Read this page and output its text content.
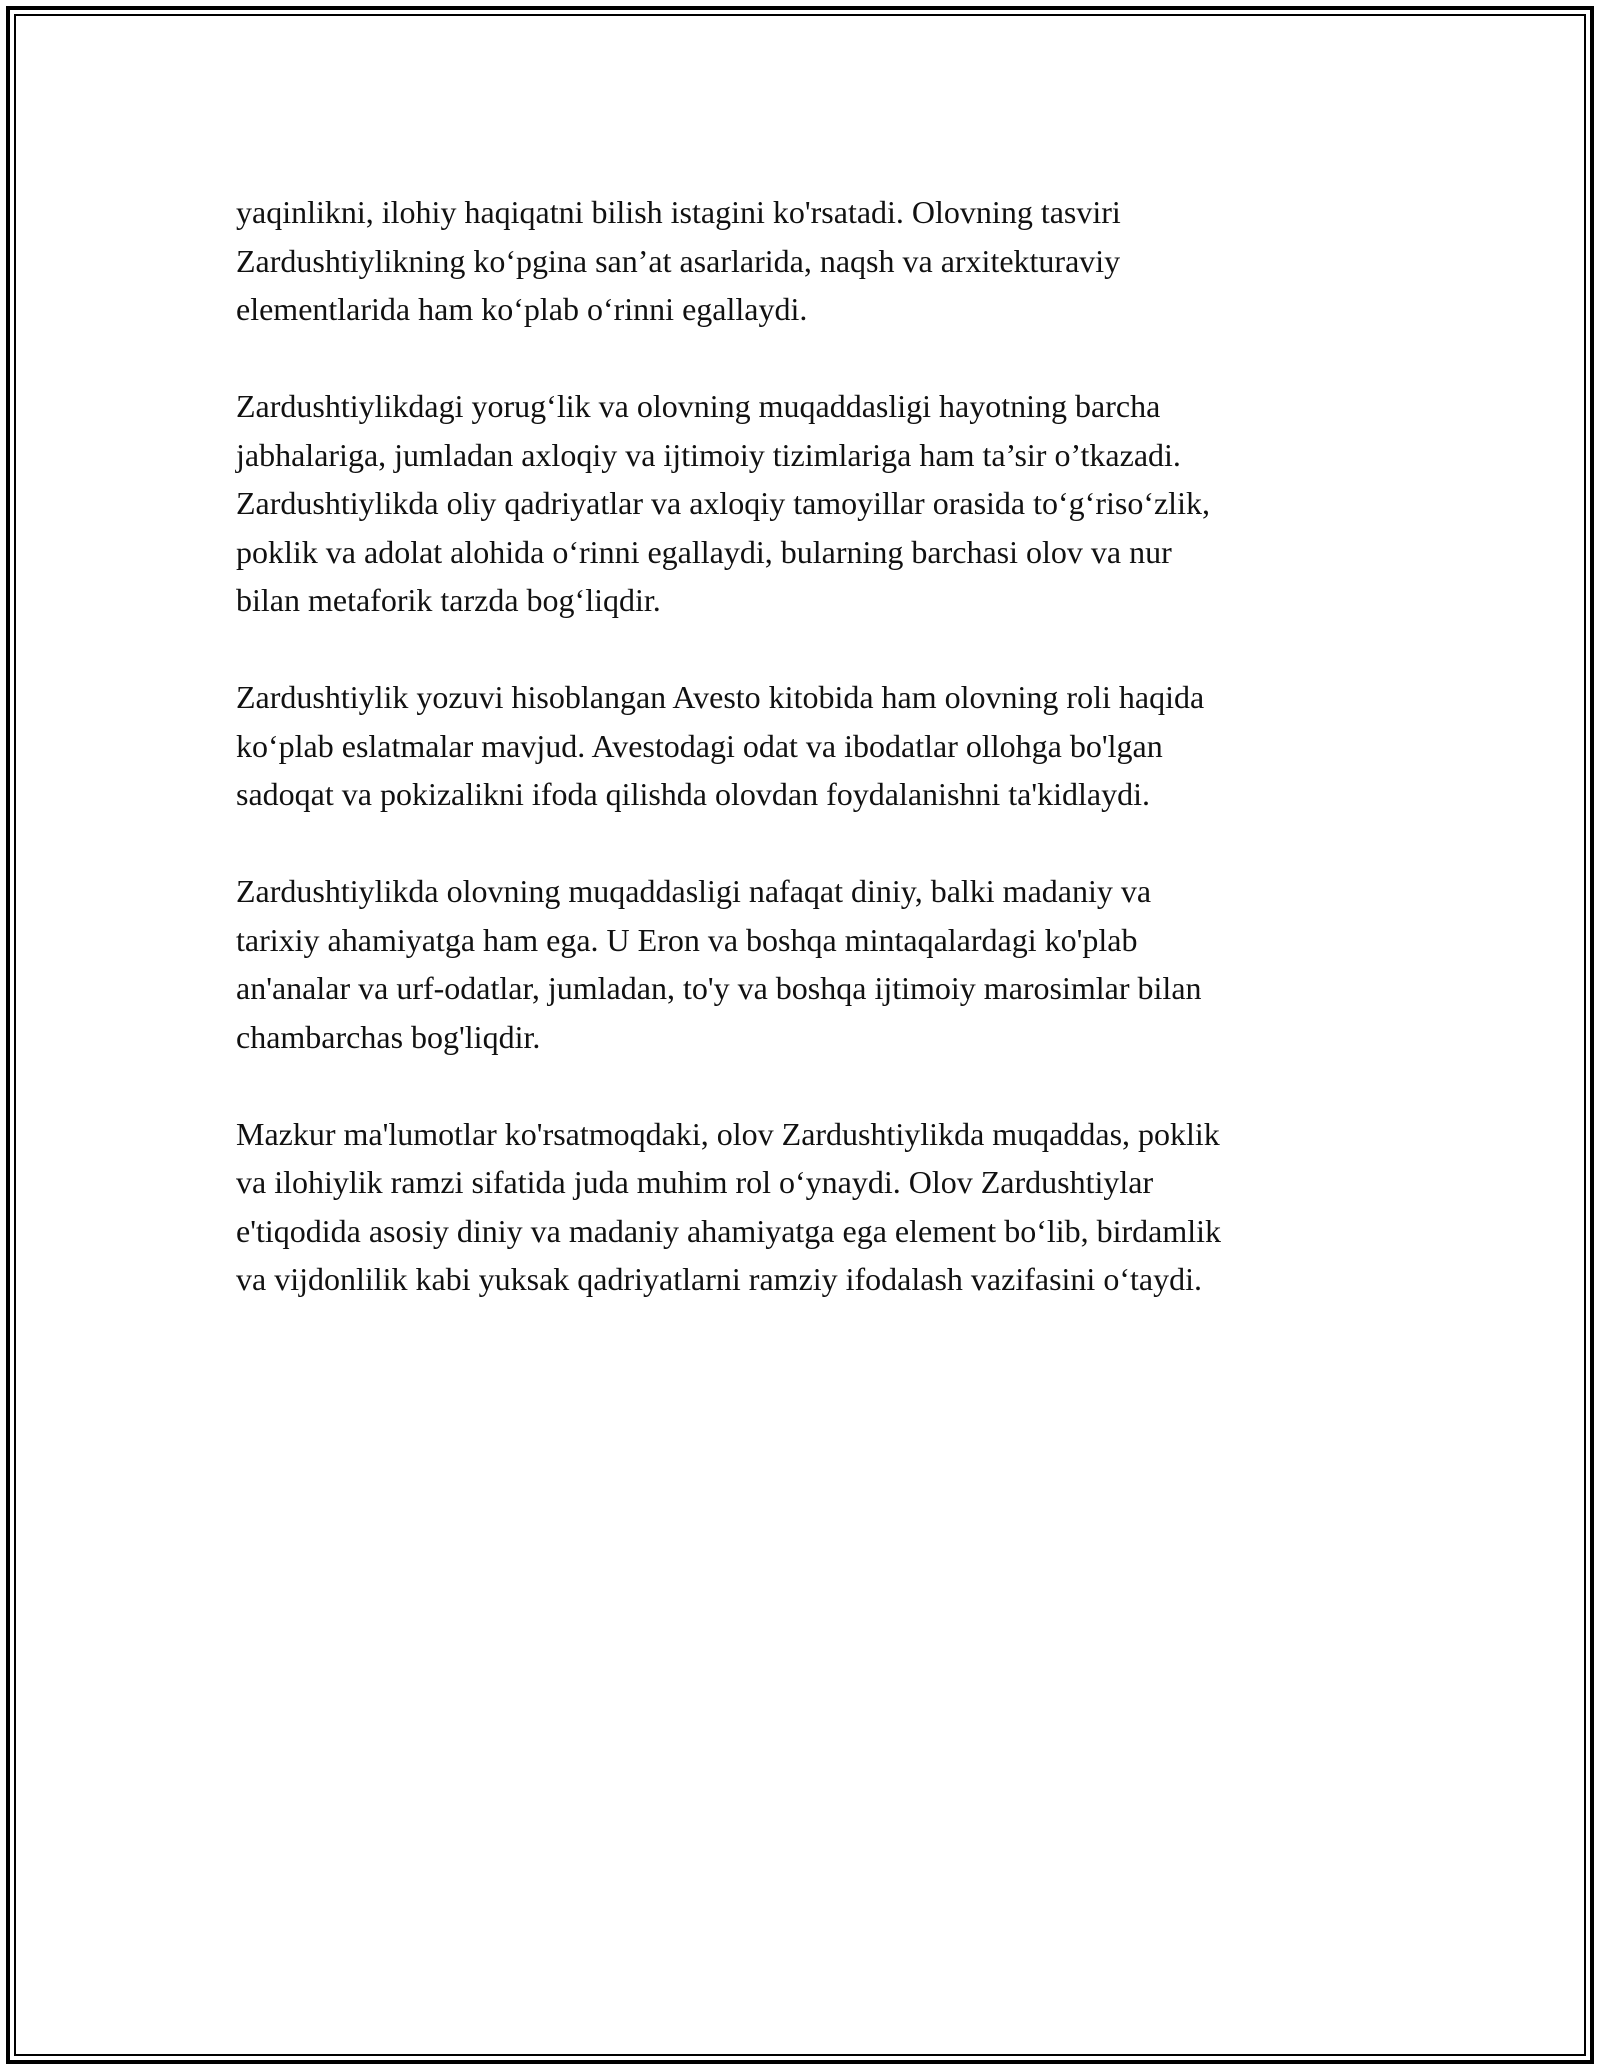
yaqinlikni, ilohiy haqiqatni bilish istagini ko'rsatadi. Olovning tasviri
Zardushtiylikning ko‘pgina san’at asarlarida, naqsh va arxitekturaviy
elementlarida ham ko‘plab o‘rinni egallaydi.

Zardushtiylikdagi yorug‘lik va olovning muqaddasligi hayotning barcha
jabhalariga, jumladan axloqiy va ijtimoiy tizimlariga ham ta’sir o’tkazadi.
Zardushtiylikda oliy qadriyatlar va axloqiy tamoyillar orasida to‘g‘riso‘zlik,
poklik va adolat alohida o‘rinni egallaydi, bularning barchasi olov va nur
bilan metaforik tarzda bog‘liqdir.

Zardushtiylik yozuvi hisoblangan Avesto kitobida ham olovning roli haqida
ko‘plab eslatmalar mavjud. Avestodagi odat va ibodatlar ollohga bo'lgan
sadoqat va pokizalikni ifoda qilishda olovdan foydalanishni ta'kidlaydi.

Zardushtiylikda olovning muqaddasligi nafaqat diniy, balki madaniy va
tarixiy ahamiyatga ham ega. U Eron va boshqa mintaqalardagi ko'plab
an'analar va urf-odatlar, jumladan, to'y va boshqa ijtimoiy marosimlar bilan
chambarchas bog'liqdir.

Mazkur ma'lumotlar ko'rsatmoqdaki, olov Zardushtiylikda muqaddas, poklik
va ilohiylik ramzi sifatida juda muhim rol o‘ynaydi. Olov Zardushtiylar
e'tiqodida asosiy diniy va madaniy ahamiyatga ega element bo‘lib, birdamlik
va vijdonlilik kabi yuksak qadriyatlarni ramziy ifodalash vazifasini o‘taydi.
